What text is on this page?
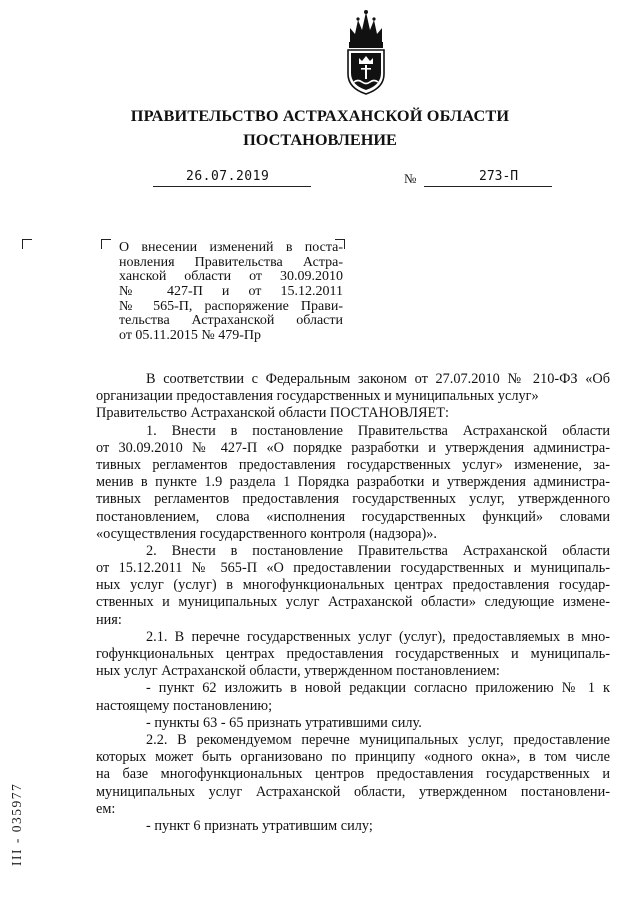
ПРАВИТЕЛЬСТВО АСТРАХАНСКОЙ ОБЛАСТИ
ПОСТАНОВЛЕНИЕ
26.07.2019	№	273-П
О внесении изменений в поста-
новления Правительства Астра-
ханской области от 30.09.2010
№ 427-П и от 15.12.2011
№ 565-П, распоряжение Прави-
тельства Астраханской области
от 05.11.2015 № 479-Пр
В соответствии с Федеральным законом от 27.07.2010 № 210-ФЗ «Об
организации предоставления государственных и муниципальных услуг»
Правительство Астраханской области ПОСТАНОВЛЯЕТ:
1. Внести в постановление Правительства Астраханской области
от 30.09.2010 № 427-П «О порядке разработки и утверждения администра-
тивных регламентов предоставления государственных услуг» изменение, за-
менив в пункте 1.9 раздела 1 Порядка разработки и утверждения администра-
тивных регламентов предоставления государственных услуг, утвержденного
постановлением, слова «исполнения государственных функций» словами
«осуществления государственного контроля (надзора)».
2. Внести в постановление Правительства Астраханской области
от 15.12.2011 № 565-П «О предоставлении государственных и муниципаль-
ных услуг (услуг) в многофункциональных центрах предоставления государ-
ственных и муниципальных услуг Астраханской области» следующие измене-
ния:
2.1. В перечне государственных услуг (услуг), предоставляемых в мно-
гофункциональных центрах предоставления государственных и муниципаль-
ных услуг Астраханской области, утвержденном постановлением:
- пункт 62 изложить в новой редакции согласно приложению № 1 к
настоящему постановлению;
- пункты 63 - 65 признать утратившими силу.
2.2. В рекомендуемом перечне муниципальных услуг, предоставление
которых может быть организовано по принципу «одного окна», в том числе
на базе многофункциональных центров предоставления государственных и
муниципальных услуг Астраханской области, утвержденном постановлени-
ем:
- пункт 6 признать утратившим силу;
III - 035977
